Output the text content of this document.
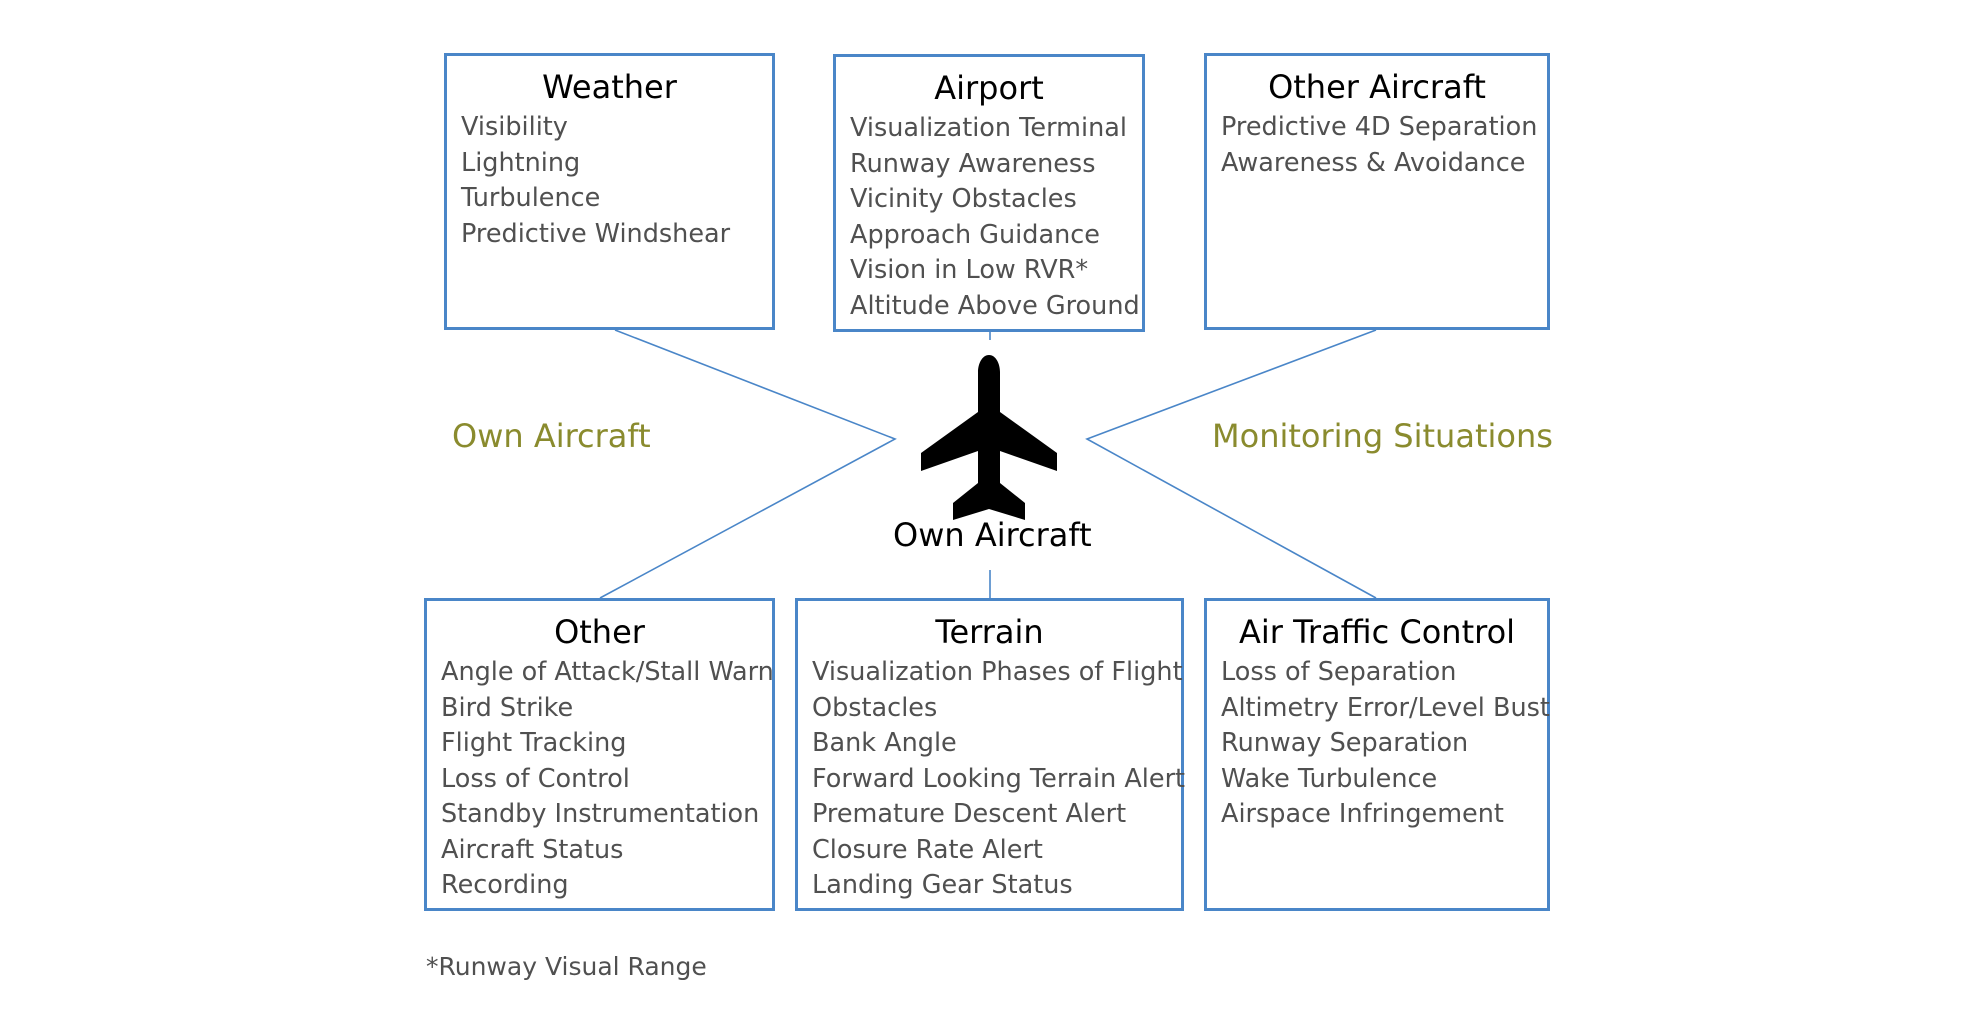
Weather
Visibility
Lightning
Turbulence
Predictive Windshear
Airport
Visualization Terminal
Runway Awareness
Vicinity Obstacles
Approach Guidance
Vision in Low RVR*
Altitude Above Ground
Other Aircraft
Predictive 4D Separation
Awareness & Avoidance
Other
Angle of Attack/Stall Warn
Bird Strike
Flight Tracking
Loss of Control
Standby Instrumentation
Aircraft Status
Recording
Terrain
Visualization Phases of Flight
Obstacles
Bank Angle
Forward Looking Terrain Alert
Premature Descent Alert
Closure Rate Alert
Landing Gear Status
Air Traffic Control
Loss of Separation
Altimetry Error/Level Bust
Runway Separation
Wake Turbulence
Airspace Infringement
Own Aircraft	Monitoring Situations
Own Aircraft
*Runway Visual Range
